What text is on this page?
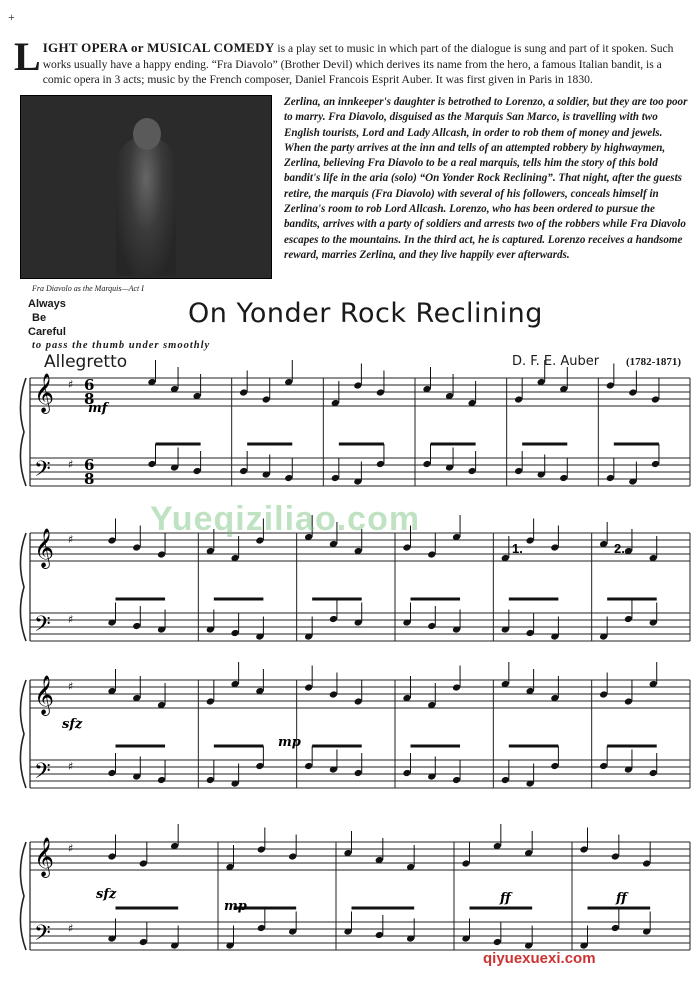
+

LIGHT OPERA or MUSICAL COMEDY is a play set to music in which part of the dialogue is sung and part of it spoken. Such works usually have a happy ending. “Fra Diavolo” (Brother Devil) which derives its name from the hero, a famous Italian bandit, is a comic opera in 3 acts; music by the French composer, Daniel Francois Esprit Auber. It was first given in Paris in 1830.

Fra Diavolo as the Marquis—Act I

Zerlina, an innkeeper's daughter is betrothed to Lorenzo, a soldier, but they are too poor to marry. Fra Diavolo, disguised as the Marquis San Marco, is travelling with two English tourists, Lord and Lady Allcash, in order to rob them of money and jewels. When the party arrives at the inn and tells of an attempted robbery by highwaymen, Zerlina, believing Fra Diavolo to be a real marquis, tells him the story of this bold bandit's life in the aria (solo) “On Yonder Rock Reclining”. That night, after the guests retire, the marquis (Fra Diavolo) with several of his followers, conceals himself in Zerlina's room to rob Lord Allcash. Lorenzo, who has been ordered to pursue the bandits, arrives with a party of soldiers and arrests two of the robbers while Fra Diavolo escapes to the mountains. In the third act, he is captured. Lorenzo receives a handsome reward, marries Zerlina, and they live happily ever afterwards.

Always
Be
Careful
On Yonder Rock Reclining
to pass the thumb under smoothly
Allegretto	D. F. E. Auber (1782-1871)
𝄞 ♯
𝄢 ♯
6
6
8
8
𝄞 ♯
𝄢 ♯
𝄞 ♯
𝄢 ♯
𝄞 ♯
𝄢 ♯
mf
sfz
mp
sfz
mp
ff	ff
1.	2.
Yueqiziliao.com
qiyuexuexi.com
